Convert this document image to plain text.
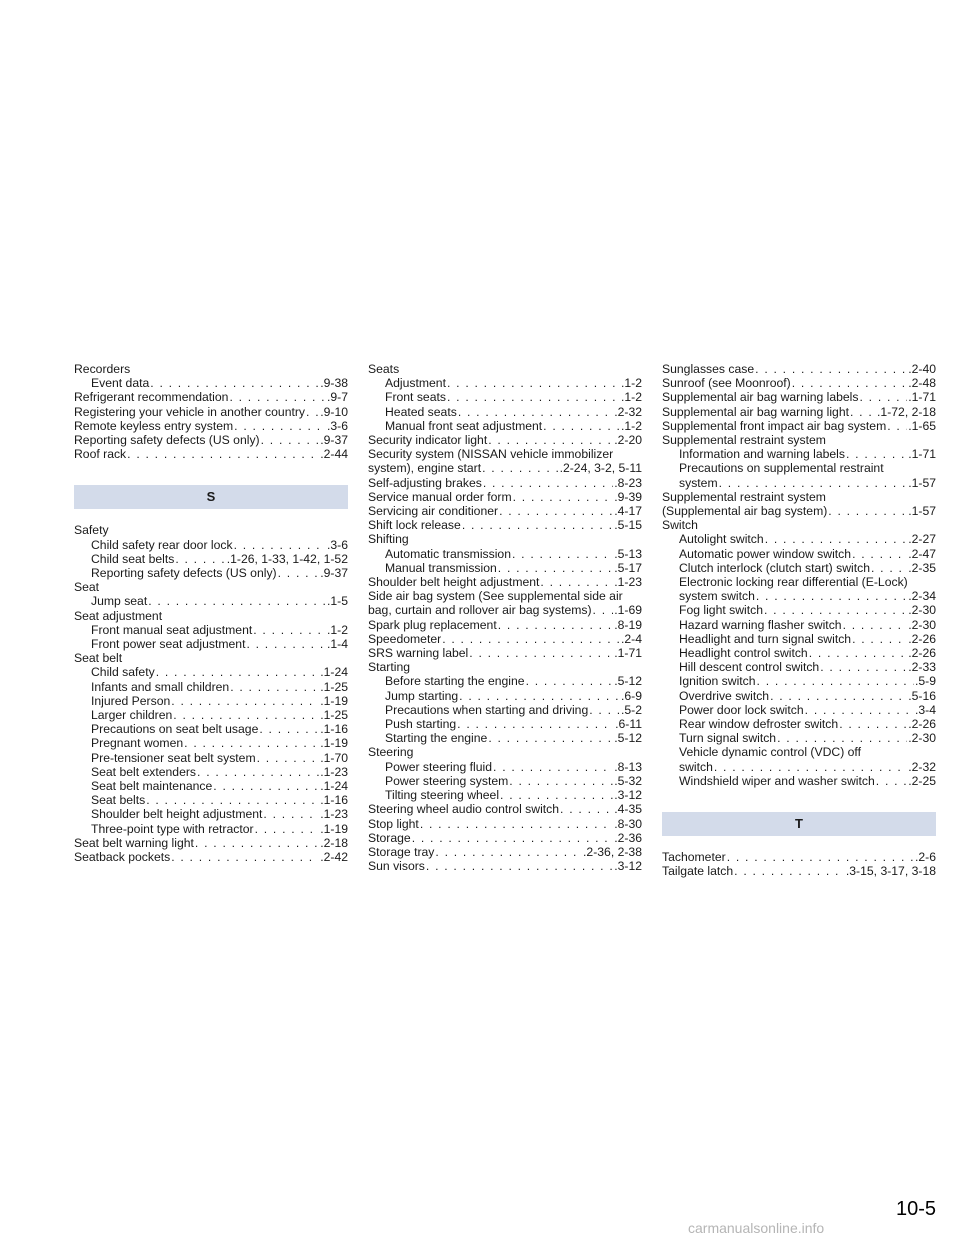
Recorders
Event data . . .	.9-38
Refrigerant recommendation . . .	.9-7
Registering your vehicle in another country . . . .9-10
Remote keyless entry system . . .	.3-6
Reporting safety defects (US only) . . .	.9-37
Roof rack . . .	.2-44
S
Safety
Child safety rear door lock . . .	.3-6
Child seat belts . . .	.1-26, 1-33, 1-42, 1-52
Reporting safety defects (US only) . . .	.9-37
Seat
Jump seat . . .	.1-5
Seat adjustment
Front manual seat adjustment . . .	.1-2
Front power seat adjustment . . .	.1-4
Seat belt
Child safety . . .	.1-24
Infants and small children . . .	.1-25
Injured Person . . .	.1-19
Larger children . . .	.1-25
Precautions on seat belt usage . . .	.1-16
Pregnant women . . .	.1-19
Pre-tensioner seat belt system . . .	.1-70
Seat belt extenders . . .	.1-23
Seat belt maintenance . . .	.1-24
Seat belts . . .	.1-16
Shoulder belt height adjustment . . .	.1-23
Three-point type with retractor . . .	.1-19
Seat belt warning light . . .	.2-18
Seatback pockets . . .	.2-42
Seats
Adjustment . . .	.1-2
Front seats . . .	.1-2
Heated seats . . .	.2-32
Manual front seat adjustment . . .	.1-2
Security indicator light . . .	.2-20
Security system (NISSAN vehicle immobilizer
system), engine start . . .	.2-24, 3-2, 5-11
Self-adjusting brakes . . .	.8-23
Service manual order form . . .	.9-39
Servicing air conditioner . . .	.4-17
Shift lock release . . .	.5-15
Shifting
Automatic transmission . . .	.5-13
Manual transmission . . .	.5-17
Shoulder belt height adjustment . . .	.1-23
Side air bag system (See supplemental side air
bag, curtain and rollover air bag systems) . . . .1-69
Spark plug replacement . . .	.8-19
Speedometer . . .	.2-4
SRS warning label . . .	.1-71
Starting
Before starting the engine . . .	.5-12
Jump starting . . .	.6-9
Precautions when starting and driving . . .	.5-2
Push starting . . .	.6-11
Starting the engine . . .	.5-12
Steering
Power steering fluid . . .	.8-13
Power steering system . . .	.5-32
Tilting steering wheel . . .	.3-12
Steering wheel audio control switch . . .	.4-35
Stop light . . .	.8-30
Storage . . .	.2-36
Storage tray . . .	.2-36, 2-38
Sun visors . . .	.3-12
Sunglasses case . . .	.2-40
Sunroof (see Moonroof) . . .	.2-48
Supplemental air bag warning labels . . .	.1-71
Supplemental air bag warning light . . . .1-72, 2-18
Supplemental front impact air bag system . . . .1-65
Supplemental restraint system
Information and warning labels . . .	.1-71
Precautions on supplemental restraint
system . . .	.1-57
Supplemental restraint system
(Supplemental air bag system) . . .	.1-57
Switch
Autolight switch . . .	.2-27
Automatic power window switch . . .	.2-47
Clutch interlock (clutch start) switch . . .	.2-35
Electronic locking rear differential (E-Lock)
system switch . . .	.2-34
Fog light switch . . .	.2-30
Hazard warning flasher switch . . .	.2-30
Headlight and turn signal switch . . .	.2-26
Headlight control switch . . .	.2-26
Hill descent control switch . . .	.2-33
Ignition switch . . .	.5-9
Overdrive switch . . .	.5-16
Power door lock switch . . .	.3-4
Rear window defroster switch . . .	.2-26
Turn signal switch . . .	.2-30
Vehicle dynamic control (VDC) off
switch . . .	.2-32
Windshield wiper and washer switch . . .	.2-25
T
Tachometer . . .	.2-6
Tailgate latch . . .	.3-15, 3-17, 3-18
10-5
carmanualsonline.info
